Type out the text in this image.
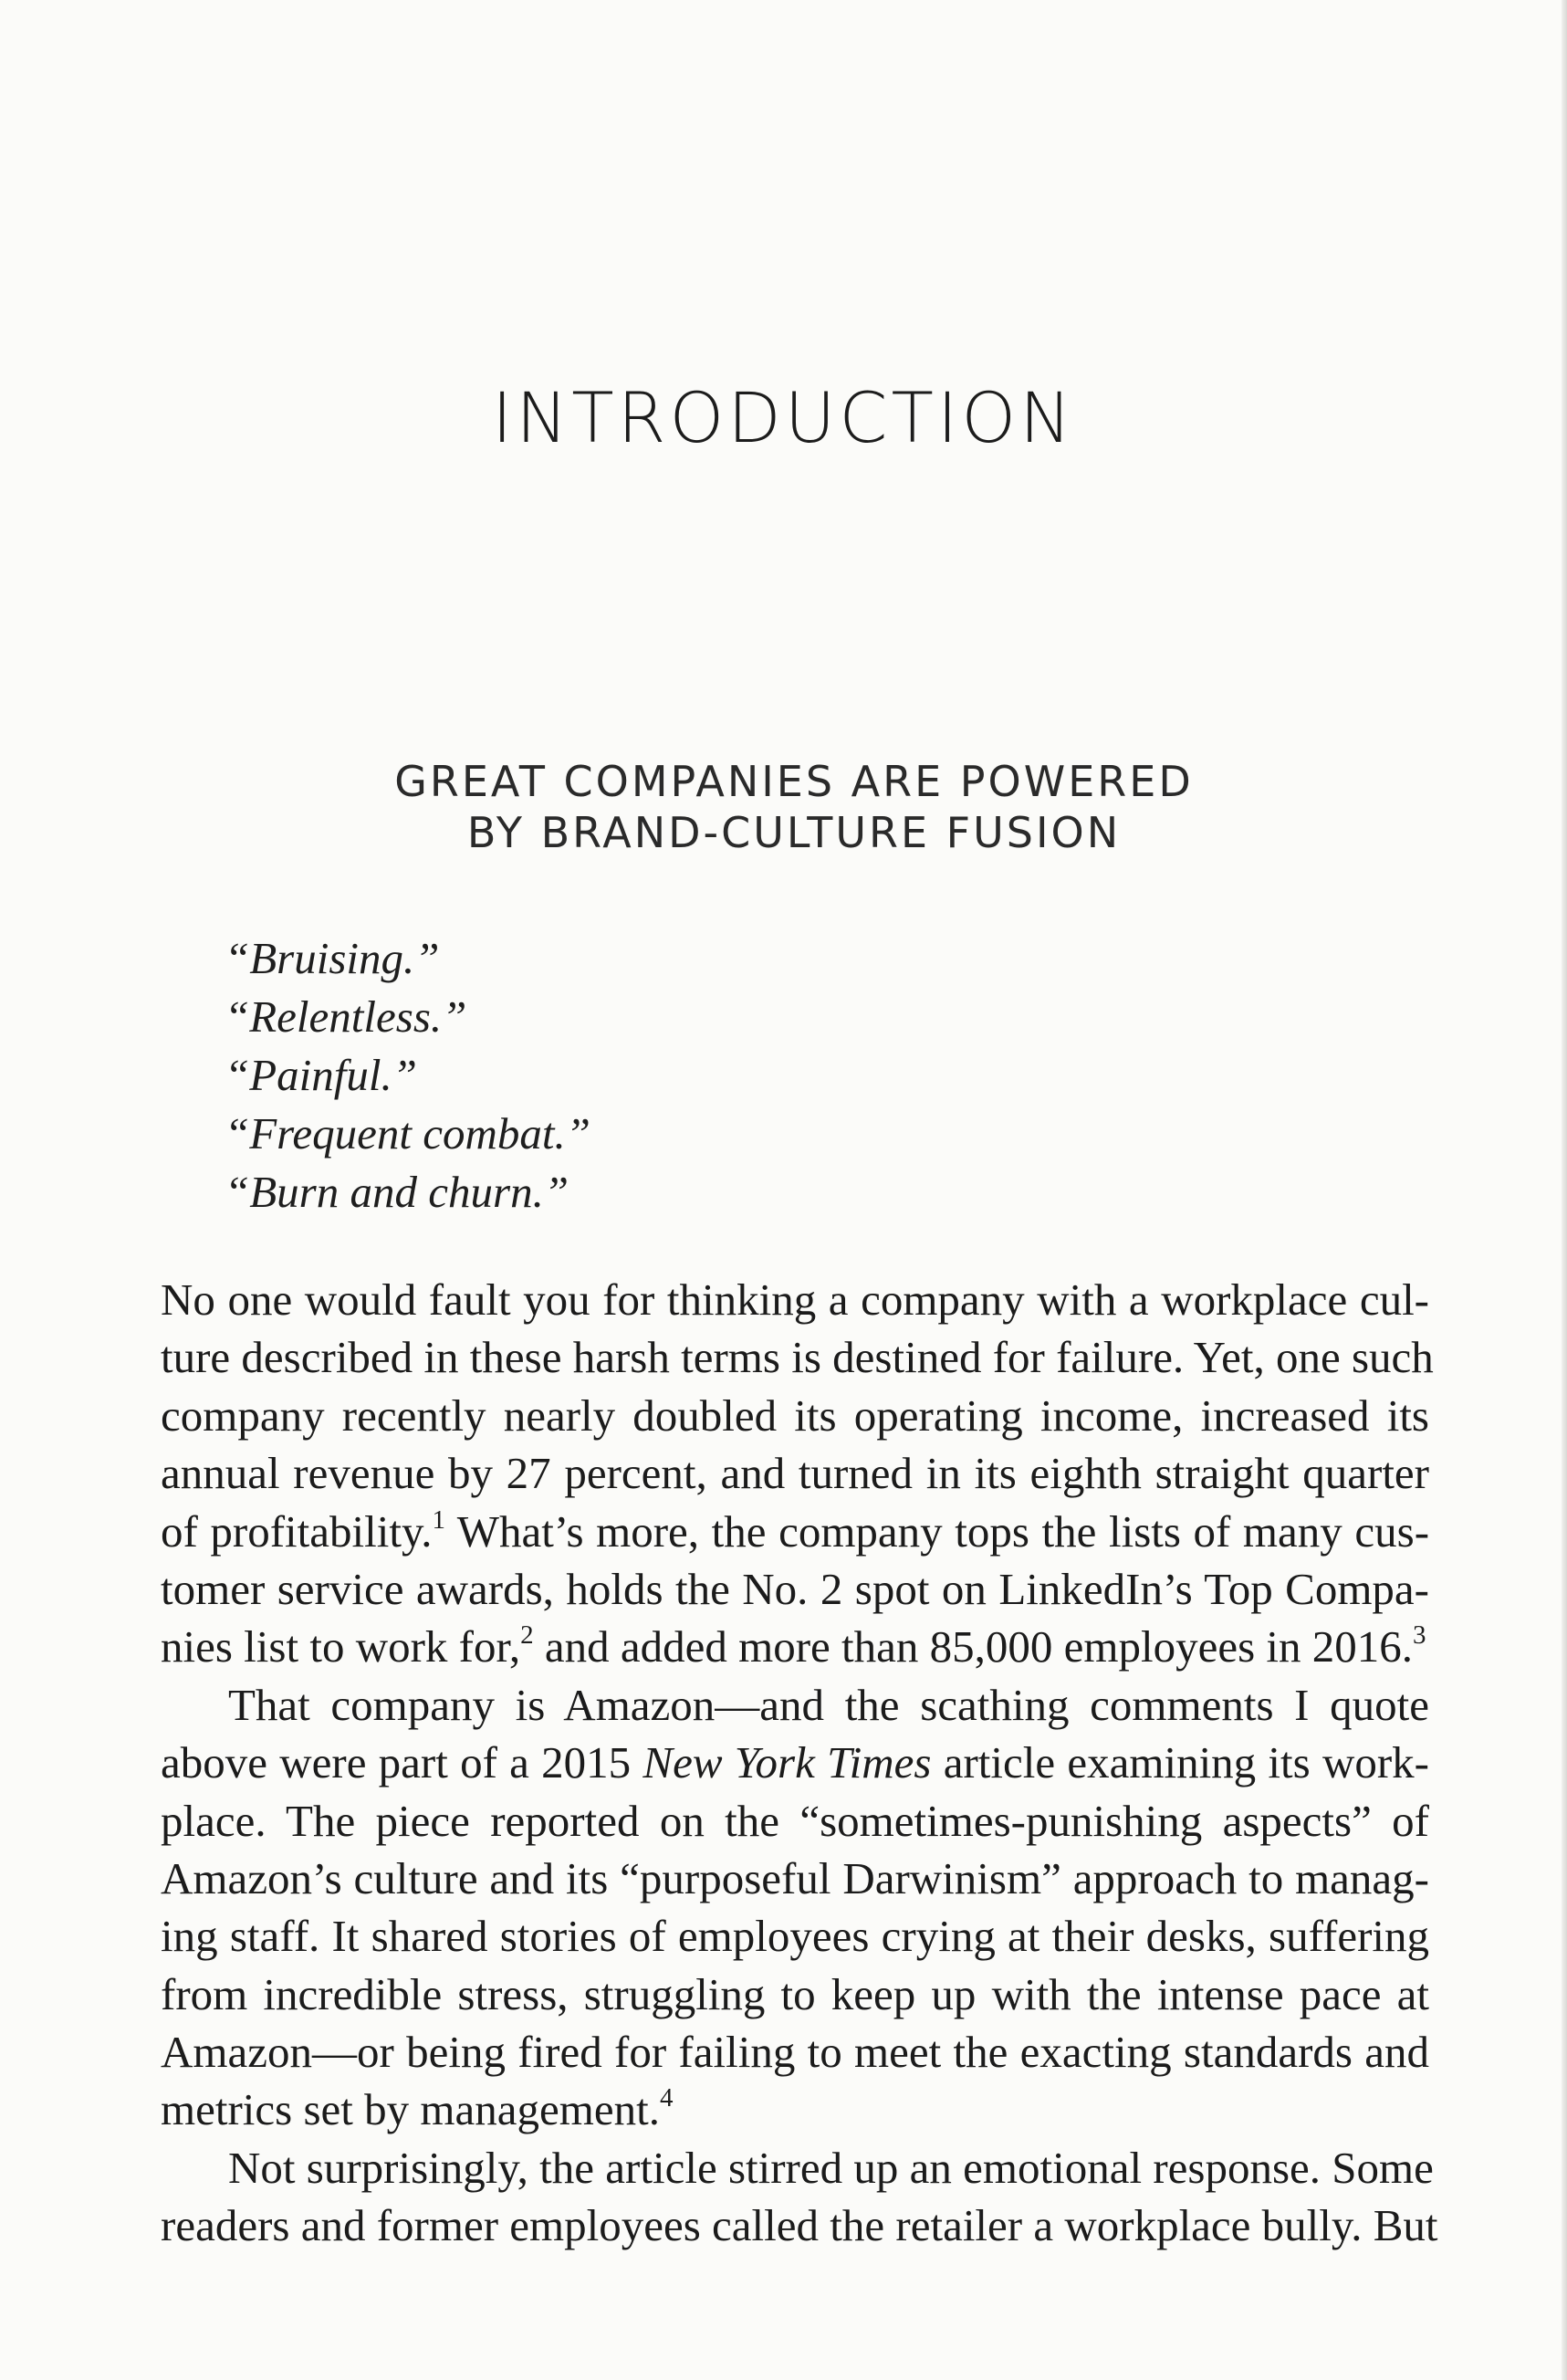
INTRODUCTION
GREAT COMPANIES ARE POWERED
BY BRAND-CULTURE FUSION
“Bruising.”
“Relentless.”
“Painful.”
“Frequent combat.”
“Burn and churn.”
No one would fault you for thinking a company with a workplace cul-
ture described in these harsh terms is destined for failure. Yet, one such
company recently nearly doubled its operating income, increased its
annual revenue by 27 percent, and turned in its eighth straight quarter
of profitability.$^1$ What’s more, the company tops the lists of many cus-
tomer service awards, holds the No. 2 spot on LinkedIn’s Top Compa-
nies list to work for,$^2$ and added more than 85,000 employees in 2016.$^3$
That company is Amazon—and the scathing comments I quote
above were part of a 2015 New York Times article examining its work-
place. The piece reported on the “sometimes-punishing aspects” of
Amazon’s culture and its “purposeful Darwinism” approach to manag-
ing staff. It shared stories of employees crying at their desks, suffering
from incredible stress, struggling to keep up with the intense pace at
Amazon—or being fired for failing to meet the exacting standards and
metrics set by management.$^4$
Not surprisingly, the article stirred up an emotional response. Some
readers and former employees called the retailer a workplace bully. But
